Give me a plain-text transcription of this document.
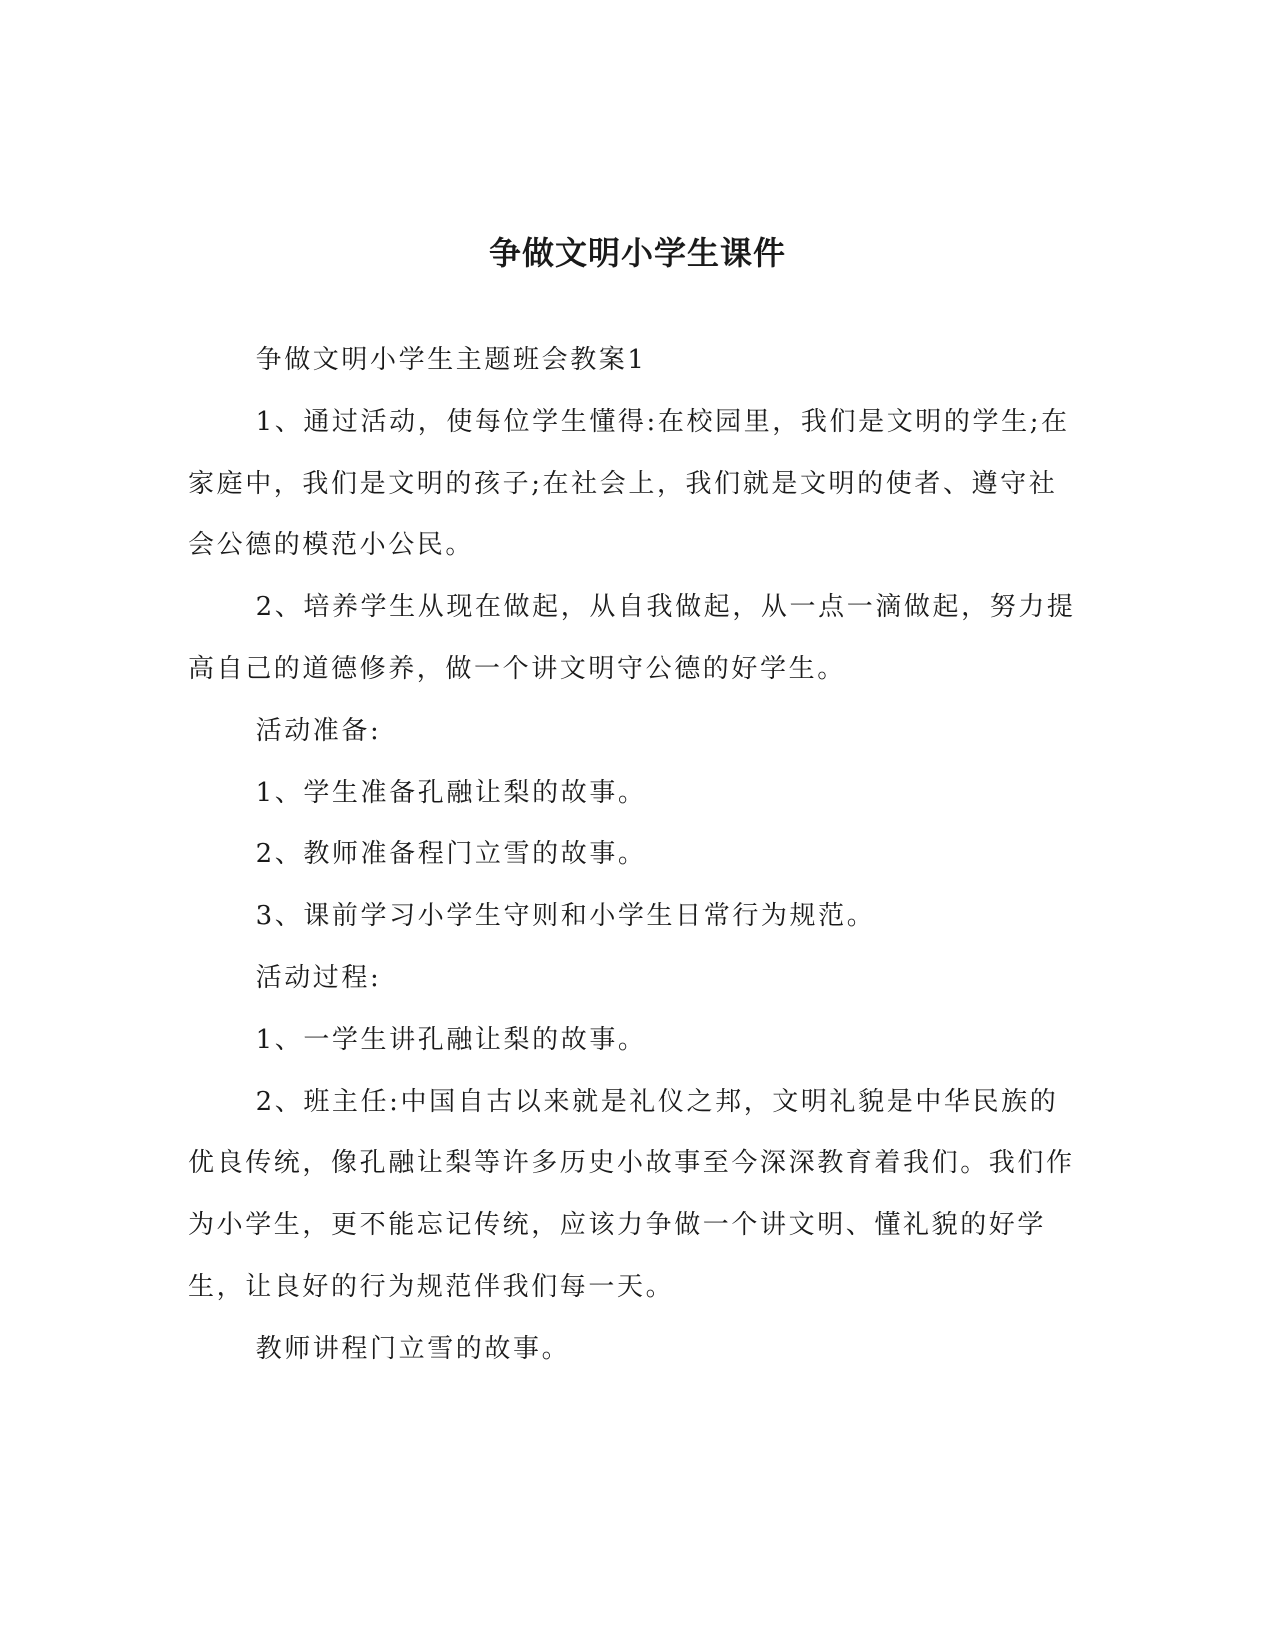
争做文明小学生课件

争做文明小学生主题班会教案1

1、通过活动，使每位学生懂得:在校园里，我们是文明的学生;在家庭中，我们是文明的孩子;在社会上，我们就是文明的使者、遵守社会公德的模范小公民。

2、培养学生从现在做起，从自我做起，从一点一滴做起，努力提高自己的道德修养，做一个讲文明守公德的好学生。

活动准备:

1、学生准备孔融让梨的故事。

2、教师准备程门立雪的故事。

3、课前学习小学生守则和小学生日常行为规范。

活动过程:

1、一学生讲孔融让梨的故事。

2、班主任:中国自古以来就是礼仪之邦，文明礼貌是中华民族的优良传统，像孔融让梨等许多历史小故事至今深深教育着我们。我们作为小学生，更不能忘记传统，应该力争做一个讲文明、懂礼貌的好学生，让良好的行为规范伴我们每一天。

教师讲程门立雪的故事。
